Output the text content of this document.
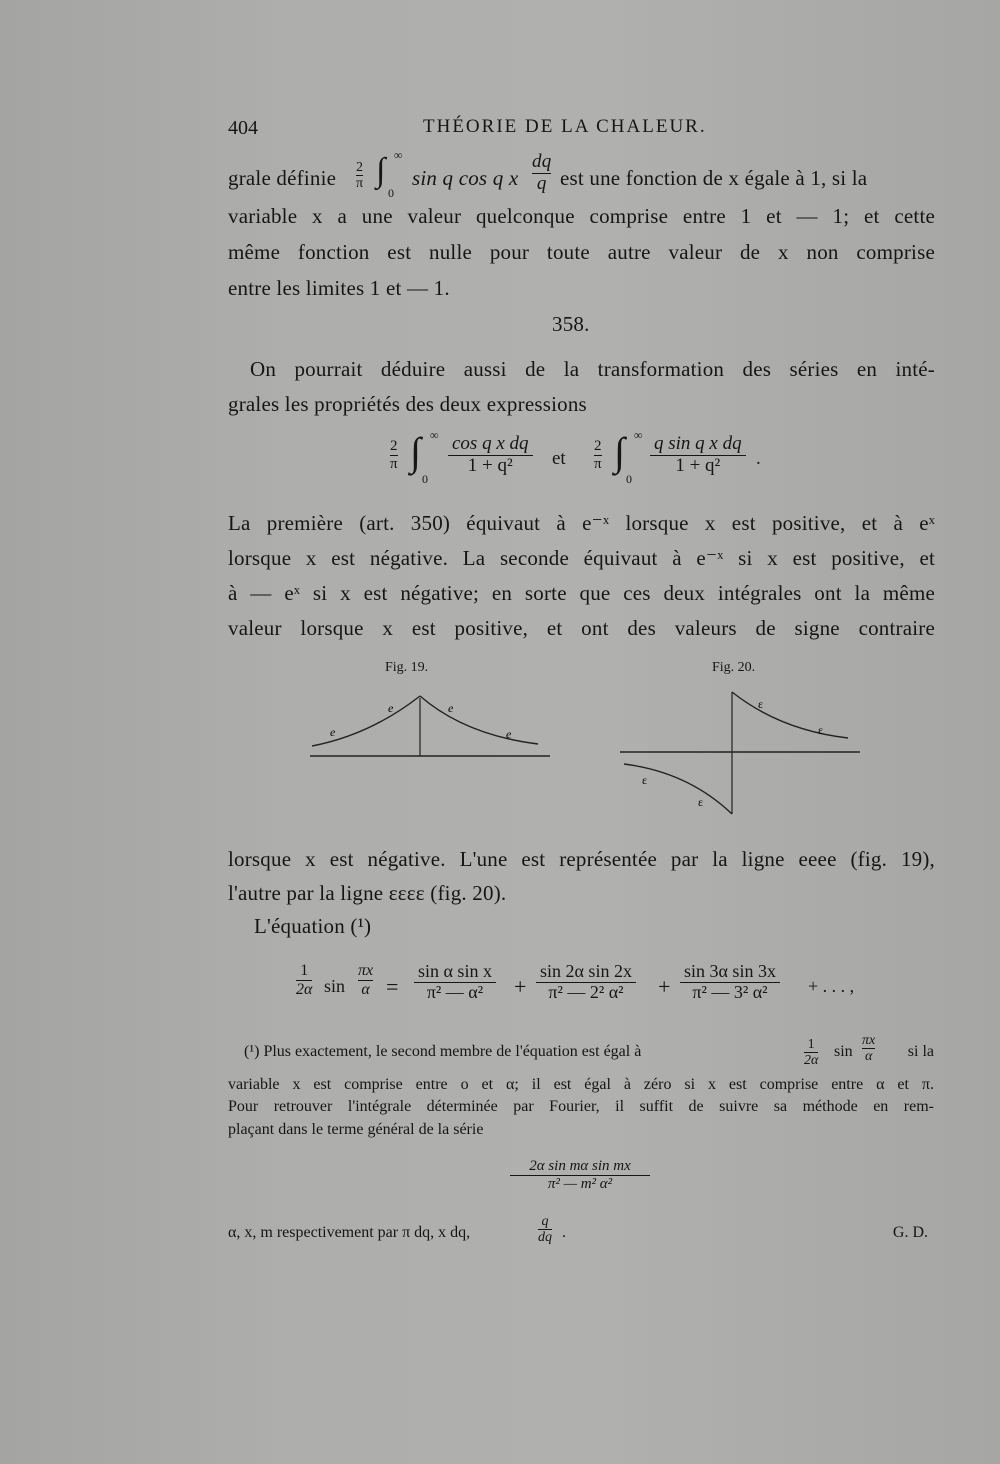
404	THÉORIE DE LA CHALEUR.
grale définie $\frac{2}{\pi}$ ∫ ∞
0
sin q cos q x $\frac{dq}{q}$ est une fonction de x égale à 1, si la
variable x a une valeur quelconque comprise entre 1 et — 1; et cette
même fonction est nulle pour toute autre valeur de x non comprise
entre les limites 1 et — 1.
358.
On pourrait déduire aussi de la transformation des séries en inté-
grales les propriétés des deux expressions
$\frac{2}{\pi}$ ∫ ∞
0
$\frac{\text{cos q x dq}}{\text{1 + q²}}$ et $\frac{2}{\pi}$ ∫ ∞
0
$\frac{\text{q sin q x dq}}{\text{1 + q²}}$ .
La première (art. 350) équivaut à e⁻ˣ lorsque x est positive, et à eˣ
lorsque x est négative. La seconde équivaut à e⁻ˣ si x est positive, et
à — eˣ si x est négative; en sorte que ces deux intégrales ont la même
valeur lorsque x est positive, et ont des valeurs de signe contraire
Fig. 19.	Fig. 20.
e
e	e
e
ε
ε
ε
ε
lorsque x est négative. L'une est représentée par la ligne eeee (fig. 19),
l'autre par la ligne εεεε (fig. 20).
L'équation (¹)
$\frac{1}{2\alpha}$ $\sin \frac{\pi x}{\alpha} = \frac{\text{sin α sin x}}{\text{π² — α²}} + \frac{\text{sin 2α sin 2x}}{\text{π² — 2² α²}} + \frac{\text{sin 3α sin 3x}}{\text{π² — 3² α²}}$ + . . . ,
(¹) Plus exactement, le second membre de l'équation est égal à	$\frac{1}{2\alpha}$ $\sin \frac{\pi x}{\alpha}$ si la
variable x est comprise entre o et α; il est égal à zéro si x est comprise entre α et π.
Pour retrouver l'intégrale déterminée par Fourier, il suffit de suivre sa méthode en rem-
plaçant dans le terme général de la série
$\frac{\text{2α sin mα sin mx}}{\text{π² — m² α²}}$
α, x, m respectivement par π dq, x dq,	$\frac{q}{dq}$ .	G. D.
